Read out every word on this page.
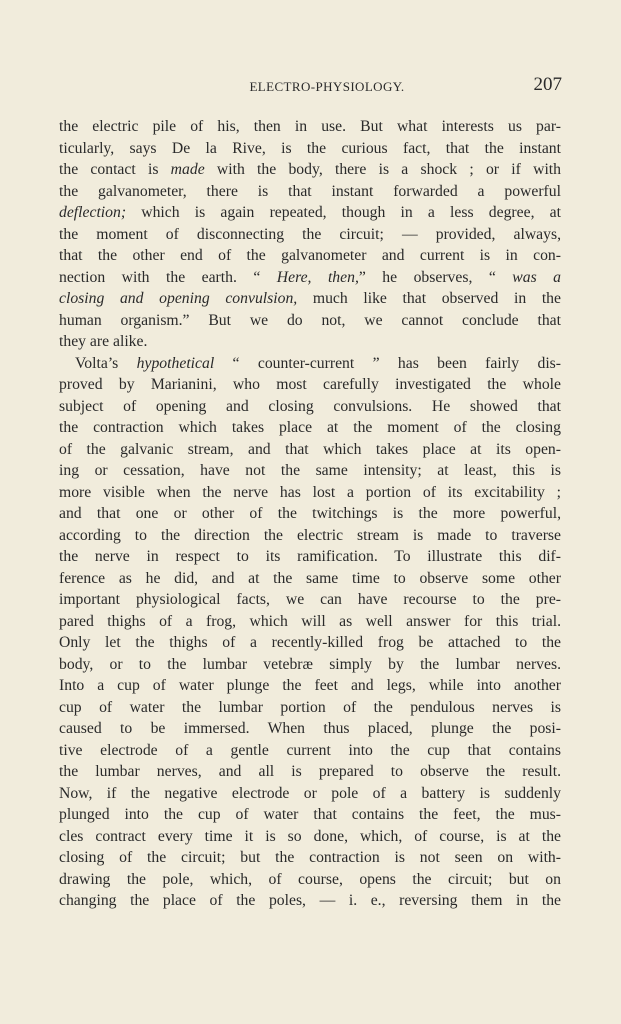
ELECTRO-PHYSIOLOGY.	207
the electric pile of his, then in use. But what interests us par-
ticularly, says De la Rive, is the curious fact, that the instant
the contact is made with the body, there is a shock ; or if with
the galvanometer, there is that instant forwarded a powerful
deflection; which is again repeated, though in a less degree, at
the moment of disconnecting the circuit; — provided, always,
that the other end of the galvanometer and current is in con-
nection with the earth. “ Here, then,” he observes, “ was a
closing and opening convulsion, much like that observed in the
human organism.” But we do not, we cannot conclude that
they are alike.
Volta’s hypothetical “ counter-current ” has been fairly dis-
proved by Marianini, who most carefully investigated the whole
subject of opening and closing convulsions. He showed that
the contraction which takes place at the moment of the closing
of the galvanic stream, and that which takes place at its open-
ing or cessation, have not the same intensity; at least, this is
more visible when the nerve has lost a portion of its excitability ;
and that one or other of the twitchings is the more powerful,
according to the direction the electric stream is made to traverse
the nerve in respect to its ramification. To illustrate this dif-
ference as he did, and at the same time to observe some other
important physiological facts, we can have recourse to the pre-
pared thighs of a frog, which will as well answer for this trial.
Only let the thighs of a recently-killed frog be attached to the
body, or to the lumbar vetebræ simply by the lumbar nerves.
Into a cup of water plunge the feet and legs, while into another
cup of water the lumbar portion of the pendulous nerves is
caused to be immersed. When thus placed, plunge the posi-
tive electrode of a gentle current into the cup that contains
the lumbar nerves, and all is prepared to observe the result.
Now, if the negative electrode or pole of a battery is suddenly
plunged into the cup of water that contains the feet, the mus-
cles contract every time it is so done, which, of course, is at the
closing of the circuit; but the contraction is not seen on with-
drawing the pole, which, of course, opens the circuit; but on
changing the place of the poles, — i. e., reversing them in the
